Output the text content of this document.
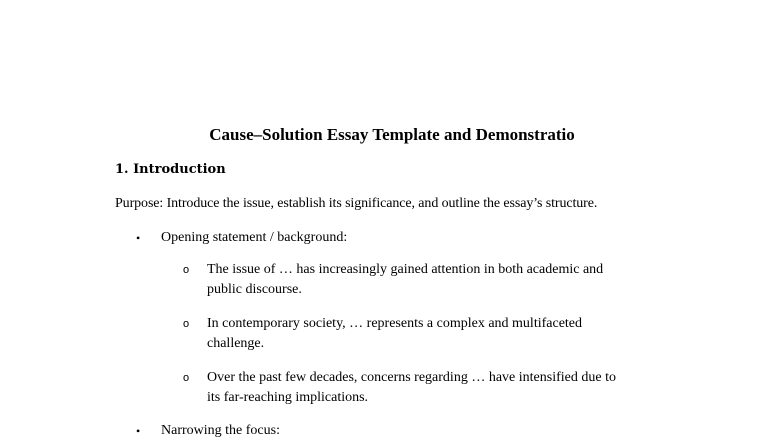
Cause–Solution Essay Template and Demonstratio
1. Introduction
Purpose: Introduce the issue, establish its significance, and outline the essay’s structure.
• Opening statement / background:
o The issue of … has increasingly gained attention in both academic and
public discourse.
o In contemporary society, … represents a complex and multifaceted
challenge.
o Over the past few decades, concerns regarding … have intensified due to
its far-reaching implications.
• Narrowing the focus:
